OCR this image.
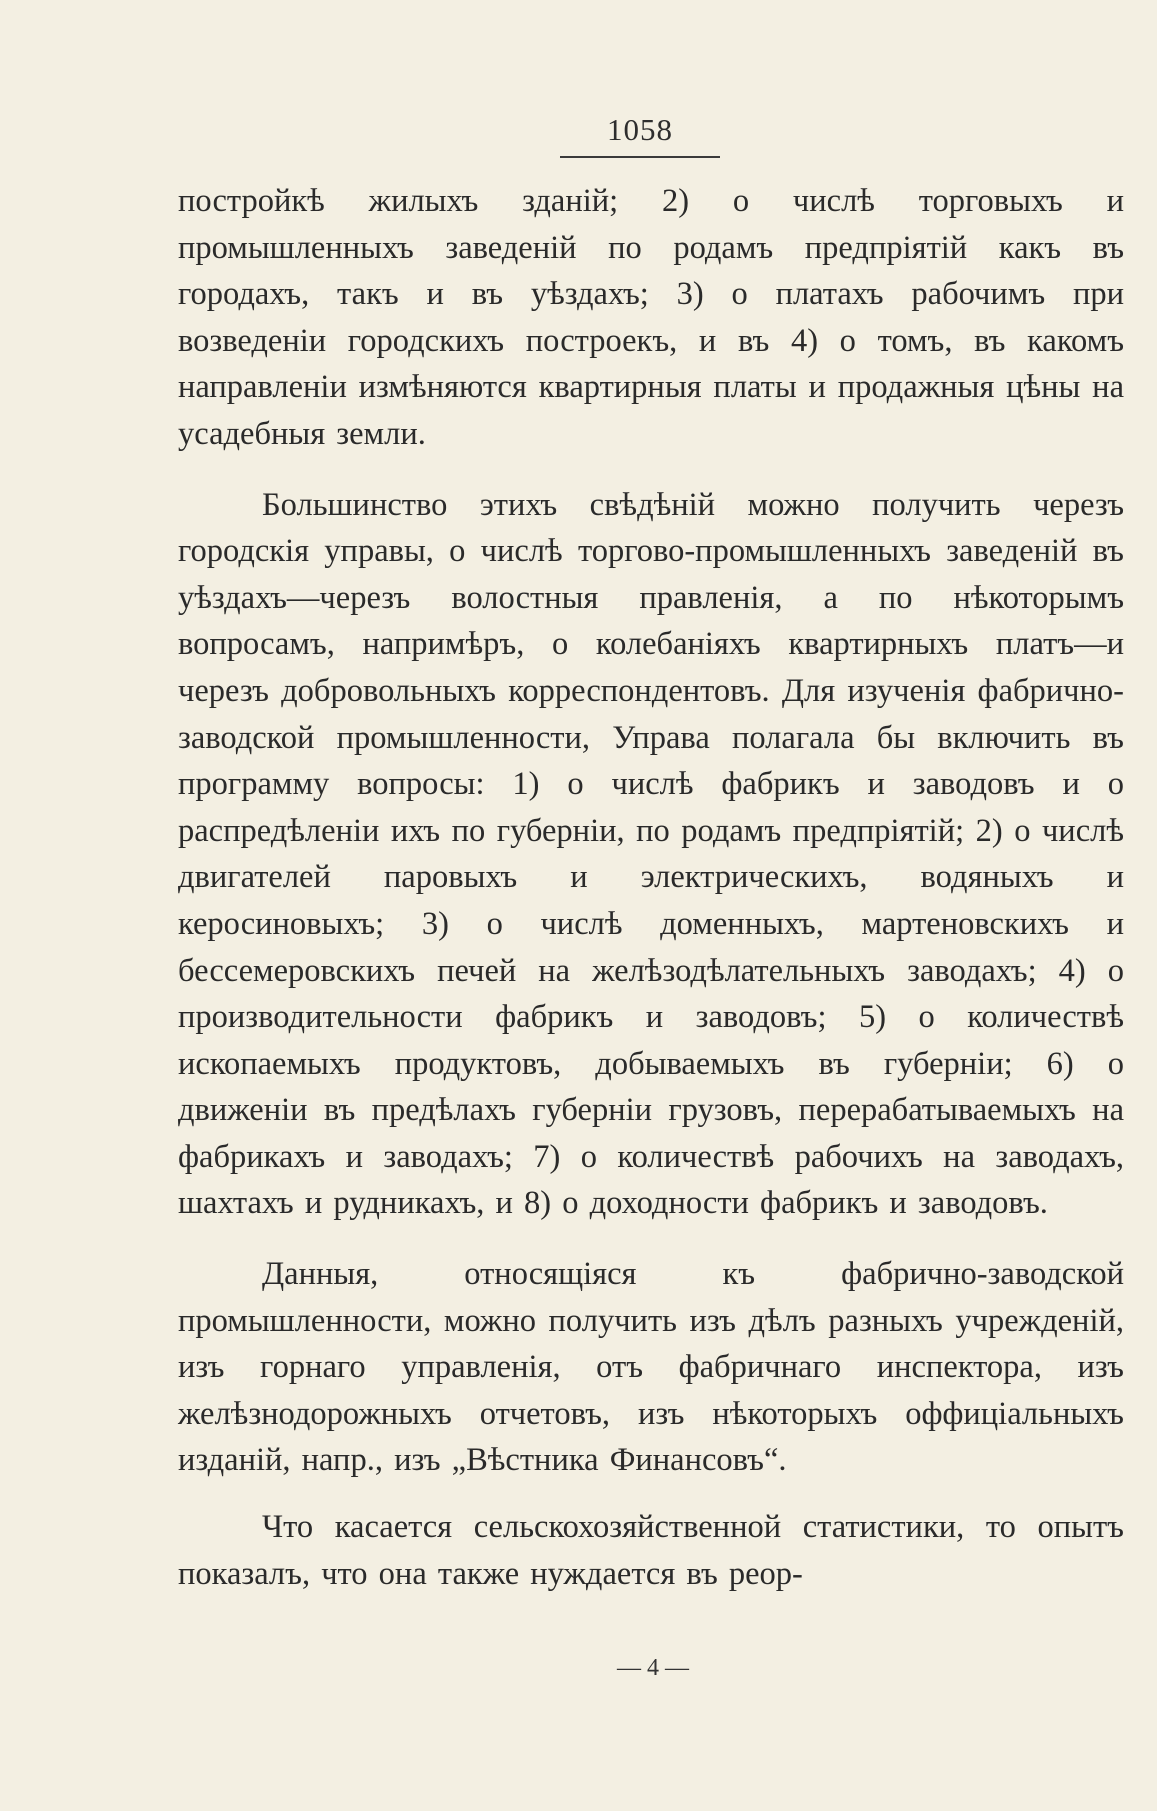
1058

постройкѣ жилыхъ зданій; 2) о числѣ торговыхъ и промышленныхъ заведеній по родамъ предпріятій какъ въ городахъ, такъ и въ уѣздахъ; 3) о платахъ рабочимъ при возведеніи городскихъ построекъ, и въ 4) о томъ, въ какомъ направленіи измѣняются квартирныя платы и продажныя цѣны на усадебныя земли.

Большинство этихъ свѣдѣній можно получить черезъ городскія управы, о числѣ торгово-промышленныхъ заведеній въ уѣздахъ—черезъ волостныя правленія, а по нѣкоторымъ вопросамъ, напримѣръ, о колебаніяхъ квартирныхъ платъ—и черезъ добровольныхъ корреспондентовъ. Для изученія фабрично-заводской промышленности, Управа полагала бы включить въ программу вопросы: 1) о числѣ фабрикъ и заводовъ и о распредѣленіи ихъ по губерніи, по родамъ предпріятій; 2) о числѣ двигателей паровыхъ и электрическихъ, водяныхъ и керосиновыхъ; 3) о числѣ доменныхъ, мартеновскихъ и бессемеровскихъ печей на желѣзодѣлательныхъ заводахъ; 4) о производительности фабрикъ и заводовъ; 5) о количествѣ ископаемыхъ продуктовъ, добываемыхъ въ губерніи; 6) о движеніи въ предѣлахъ губерніи грузовъ, перерабатываемыхъ на фабрикахъ и заводахъ; 7) о количествѣ рабочихъ на заводахъ, шахтахъ и рудникахъ, и 8) о доходности фабрикъ и заводовъ.

Данныя, относящіяся къ фабрично-заводской промышленности, можно получить изъ дѣлъ разныхъ учрежденій, изъ горнаго управленія, отъ фабричнаго инспектора, изъ желѣзнодорожныхъ отчетовъ, изъ нѣкоторыхъ оффиціальныхъ изданій, напр., изъ „Вѣстника Финансовъ“.

Что касается сельскохозяйственной статистики, то опытъ показалъ, что она также нуждается въ реор-

— 4 —
